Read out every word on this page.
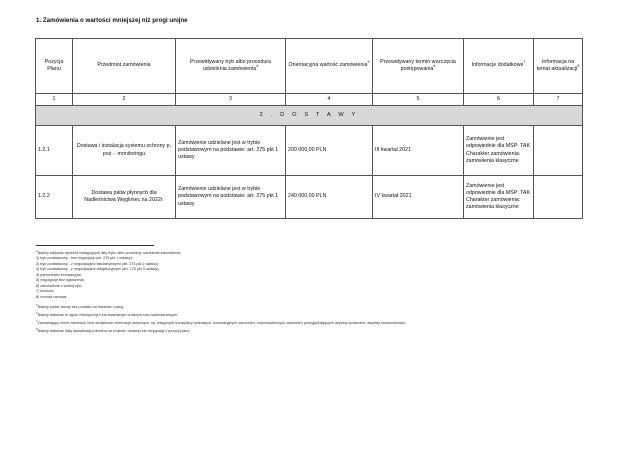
1. Zamówienia o wartości mniejszej niż progi unijne
Pozycja Planu	Przedmiot zamówienia	Przewidywany tryb albo procedura udzielenia zamówienia$^4$	Orientacyjna wartość zamówienia$^5$	Przewidywany termin wszczęcia postępowania$^6$	Informacje dodatkowe$^7$	Informacja na temat aktualizacji$^8$
1	2	3	4	5	6	7
2 . D O S T A W Y						
1.2.1	Dostawa i instalacja systemu ochrony p. poż. - monitoringu	Zamówienie udzielane jest w trybie podstawowym na podstawie: art. 275 pkt 1 ustawy	200 000,00 PLN	III kwartał 2021	Zamówienie jest odpowiednie dla MŚP: TAK Charakter zamówienia: zamówienia klasyczne	
1.2.2	Dostawa paliw płynnych dla Nadleśnictwa Węgliniec na 2022r.	Zamówienie udzielane jest w trybie podstawowym na podstawie: art. 275 pkt 1 ustawy	240 000,00 PLN	IV kwartał 2021	Zamówienie jest odpowiednie dla MŚP: TAK Charakter zamówienia: zamówienia klasyczne	
$^4$Należy wskazać spośród następującej listy trybu albo procedury udzielenia zamówienia:
1) tryb podstawowy - bez negocjacji (art. 275 pkt 1 ustawy);
2) tryb podstawowy - z negocjacjami fakultatywnymi (art. 275 pkt 2 ustawy);
3) tryb podstawowy - z negocjacjami obligatoryjnymi (art. 275 pkt 3 ustawy);
4) partnerstwo innowacyjne;
5) negocjacje bez ogłoszenia;
6) zamówienie z wolnej ręki;
7) konkurs;
8) umowa ramowa.
$^5$Należy podać kwotę bez podatku od towarów i usług.
$^6$Należy wskazać w ujęciu miesięcznym lub kwartalnym w danym roku kalendarzowym.
$^7$Zamawiający może zamieścić inne dodatkowe informacje dotyczące, np. wstępnych konsultacji rynkowych, innowacyjnych zamówień, zrównoważonych zamówień (uwzględniających aspekty społeczne, aspekty środowiskowe).
$^8$Należy wskazać datę aktualizacji potrzeba na zmianie, dodaniu lub rezygnacji z pozycji planu.
